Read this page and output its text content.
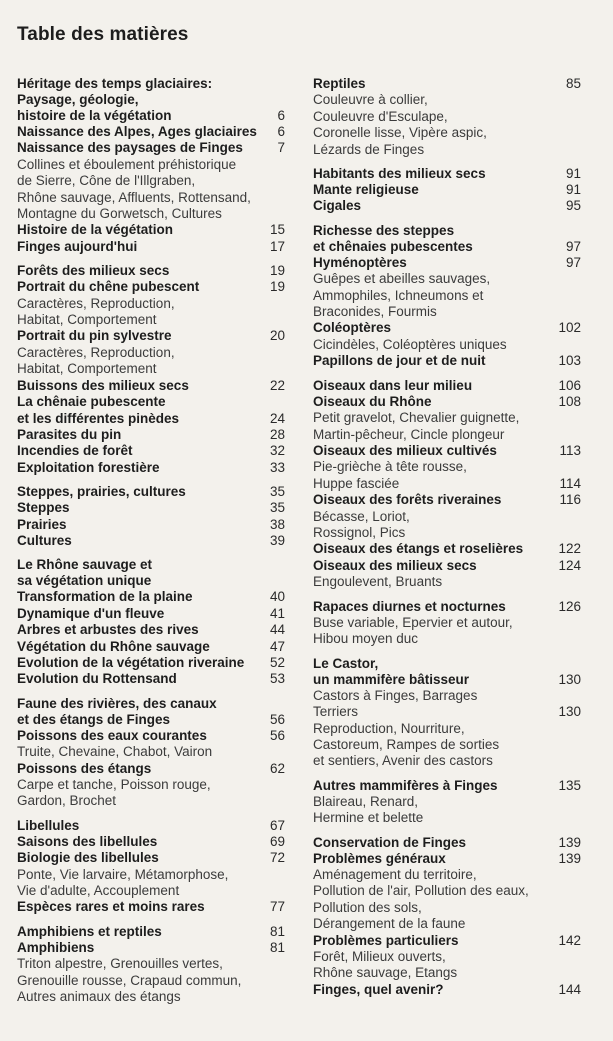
Table des matières
Héritage des temps glaciaires:
Paysage, géologie,
histoire de la végétation	6
Naissance des Alpes, Ages glaciaires 6
Naissance des paysages de Finges	7
Collines et éboulement préhistorique
de Sierre, Cône de l'Illgraben,
Rhône sauvage, Affluents, Rottensand,
Montagne du Gorwetsch, Cultures
Histoire de la végétation	15
Finges aujourd'hui	17
Forêts des milieux secs	19
Portrait du chêne pubescent	19
Caractères, Reproduction,
Habitat, Comportement
Portrait du pin sylvestre	20
Caractères, Reproduction,
Habitat, Comportement
Buissons des milieux secs	22
La chênaie pubescente
et les différentes pinèdes	24
Parasites du pin	28
Incendies de forêt	32
Exploitation forestière	33
Steppes, prairies, cultures	35
Steppes	35
Prairies	38
Cultures	39
Le Rhône sauvage et
sa végétation unique
Transformation de la plaine	40
Dynamique d'un fleuve	41
Arbres et arbustes des rives	44
Végétation du Rhône sauvage	47
Evolution de la végétation riveraine 52
Evolution du Rottensand	53
Faune des rivières, des canaux
et des étangs de Finges	56
Poissons des eaux courantes	56
Truite, Chevaine, Chabot, Vairon
Poissons des étangs	62
Carpe et tanche, Poisson rouge,
Gardon, Brochet
Libellules	67
Saisons des libellules	69
Biologie des libellules	72
Ponte, Vie larvaire, Métamorphose,
Vie d'adulte, Accouplement
Espèces rares et moins rares	77
Amphibiens et reptiles	81
Amphibiens	81
Triton alpestre, Grenouilles vertes,
Grenouille rousse, Crapaud commun,
Autres animaux des étangs
Reptiles	85
Couleuvre à collier,
Couleuvre d'Esculape,
Coronelle lisse, Vipère aspic,
Lézards de Finges
Habitants des milieux secs	91
Mante religieuse	91
Cigales	95
Richesse des steppes
et chênaies pubescentes	97
Hyménoptères	97
Guêpes et abeilles sauvages,
Ammophiles, Ichneumons et
Braconides, Fourmis
Coléoptères	102
Cicindèles, Coléoptères uniques
Papillons de jour et de nuit	103
Oiseaux dans leur milieu	106
Oiseaux du Rhône	108
Petit gravelot, Chevalier guignette,
Martin-pêcheur, Cincle plongeur
Oiseaux des milieux cultivés	113
Pie-grièche à tête rousse,
Huppe fasciée	114
Oiseaux des forêts riveraines	116
Bécasse, Loriot,
Rossignol, Pics
Oiseaux des étangs et roselières	122
Oiseaux des milieux secs	124
Engoulevent, Bruants
Rapaces diurnes et nocturnes	126
Buse variable, Epervier et autour,
Hibou moyen duc
Le Castor,
un mammifère bâtisseur	130
Castors à Finges, Barrages
Terriers	130
Reproduction, Nourriture,
Castoreum, Rampes de sorties
et sentiers, Avenir des castors
Autres mammifères à Finges	135
Blaireau, Renard,
Hermine et belette
Conservation de Finges	139
Problèmes généraux	139
Aménagement du territoire,
Pollution de l'air, Pollution des eaux,
Pollution des sols,
Dérangement de la faune
Problèmes particuliers	142
Forêt, Milieux ouverts,
Rhône sauvage, Etangs
Finges, quel avenir?	144
